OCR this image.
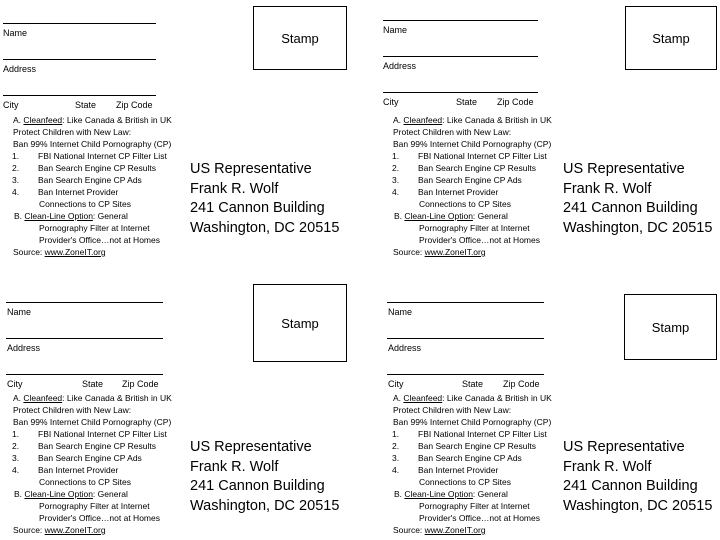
Name
Address
City	State Zip Code
Stamp
A. Cleanfeed: Like Canada & British in UK
Protect Children with New Law:
Ban 99% Internet Child Pornography (CP)
1. FBI National Internet CP Filter List
2. Ban Search Engine CP Results
3. Ban Search Engine CP Ads
4. Ban Internet Provider
Connections to CP Sites
B. Clean-Line Option: General
Pornography Filter at Internet
Provider's Office…not at Homes
Source: www.ZoneIT.org
US Representative
Frank R. Wolf
241 Cannon Building
Washington, DC 20515
Name
Address
City	State Zip Code
Stamp
A. Cleanfeed: Like Canada & British in UK
Protect Children with New Law:
Ban 99% Internet Child Pornography (CP)
1. FBI National Internet CP Filter List
2. Ban Search Engine CP Results
3. Ban Search Engine CP Ads
4. Ban Internet Provider
Connections to CP Sites
B. Clean-Line Option: General
Pornography Filter at Internet
Provider's Office…not at Homes
Source: www.ZoneIT.org
US Representative
Frank R. Wolf
241 Cannon Building
Washington, DC 20515
Name
Address
City	State Zip Code
Stamp
A. Cleanfeed: Like Canada & British in UK
Protect Children with New Law:
Ban 99% Internet Child Pornography (CP)
1. FBI National Internet CP Filter List
2. Ban Search Engine CP Results
3. Ban Search Engine CP Ads
4. Ban Internet Provider
Connections to CP Sites
B. Clean-Line Option: General
Pornography Filter at Internet
Provider's Office…not at Homes
Source: www.ZoneIT.org
US Representative
Frank R. Wolf
241 Cannon Building
Washington, DC 20515
Name
Address
City	State Zip Code
Stamp
A. Cleanfeed: Like Canada & British in UK
Protect Children with New Law:
Ban 99% Internet Child Pornography (CP)
1. FBI National Internet CP Filter List
2. Ban Search Engine CP Results
3. Ban Search Engine CP Ads
4. Ban Internet Provider
Connections to CP Sites
B. Clean-Line Option: General
Pornography Filter at Internet
Provider's Office…not at Homes
Source: www.ZoneIT.org
US Representative
Frank R. Wolf
241 Cannon Building
Washington, DC 20515
